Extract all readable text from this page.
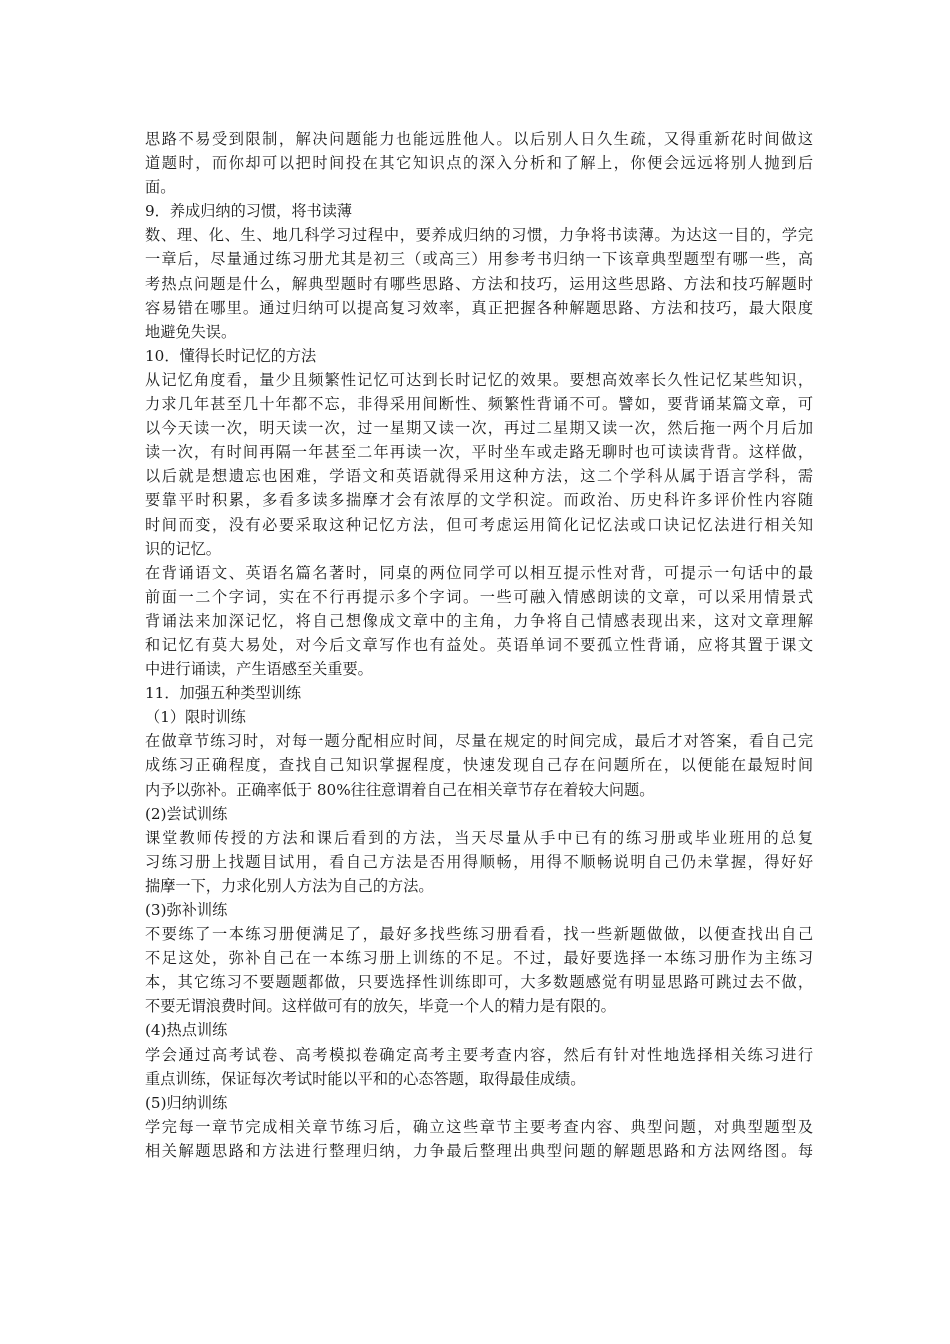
思路不易受到限制，解决问题能力也能远胜他人。以后别人日久生疏，又得重新花时间做这
道题时，而你却可以把时间投在其它知识点的深入分析和了解上，你便会远远将别人抛到后
面。
9．养成归纳的习惯，将书读薄
数、理、化、生、地几科学习过程中，要养成归纳的习惯，力争将书读薄。为达这一目的，学完
一章后，尽量通过练习册尤其是初三（或高三）用参考书归纳一下该章典型题型有哪一些，高
考热点问题是什么，解典型题时有哪些思路、方法和技巧，运用这些思路、方法和技巧解题时
容易错在哪里。通过归纳可以提高复习效率，真正把握各种解题思路、方法和技巧，最大限度
地避免失误。
10．懂得长时记忆的方法
从记忆角度看，量少且频繁性记忆可达到长时记忆的效果。要想高效率长久性记忆某些知识，
力求几年甚至几十年都不忘，非得采用间断性、频繁性背诵不可。譬如，要背诵某篇文章，可
以今天读一次，明天读一次，过一星期又读一次，再过二星期又读一次，然后拖一两个月后加
读一次，有时间再隔一年甚至二年再读一次，平时坐车或走路无聊时也可读读背背。这样做，
以后就是想遗忘也困难，学语文和英语就得采用这种方法，这二个学科从属于语言学科，需
要靠平时积累，多看多读多揣摩才会有浓厚的文学积淀。而政治、历史科许多评价性内容随
时间而变，没有必要采取这种记忆方法，但可考虑运用简化记忆法或口诀记忆法进行相关知
识的记忆。
在背诵语文、英语名篇名著时，同桌的两位同学可以相互提示性对背，可提示一句话中的最
前面一二个字词，实在不行再提示多个字词。一些可融入情感朗读的文章，可以采用情景式
背诵法来加深记忆，将自己想像成文章中的主角，力争将自己情感表现出来，这对文章理解
和记忆有莫大易处，对今后文章写作也有益处。英语单词不要孤立性背诵，应将其置于课文
中进行诵读，产生语感至关重要。
11．加强五种类型训练
（1）限时训练
在做章节练习时，对每一题分配相应时间，尽量在规定的时间完成，最后才对答案，看自己完
成练习正确程度，查找自己知识掌握程度，快速发现自己存在问题所在，以便能在最短时间
内予以弥补。正确率低于 80%往往意谓着自己在相关章节存在着较大问题。
(2)尝试训练
课堂教师传授的方法和课后看到的方法，当天尽量从手中已有的练习册或毕业班用的总复
习练习册上找题目试用，看自己方法是否用得顺畅，用得不顺畅说明自己仍未掌握，得好好
揣摩一下，力求化别人方法为自己的方法。
(3)弥补训练
不要练了一本练习册便满足了，最好多找些练习册看看，找一些新题做做，以便查找出自己
不足这处，弥补自己在一本练习册上训练的不足。不过，最好要选择一本练习册作为主练习
本，其它练习不要题题都做，只要选择性训练即可，大多数题感觉有明显思路可跳过去不做，
不要无谓浪费时间。这样做可有的放矢，毕竟一个人的精力是有限的。
(4)热点训练
学会通过高考试卷、高考模拟卷确定高考主要考查内容，然后有针对性地选择相关练习进行
重点训练，保证每次考试时能以平和的心态答题，取得最佳成绩。
(5)归纳训练
学完每一章节完成相关章节练习后，确立这些章节主要考查内容、典型问题，对典型题型及
相关解题思路和方法进行整理归纳，力争最后整理出典型问题的解题思路和方法网络图。每
